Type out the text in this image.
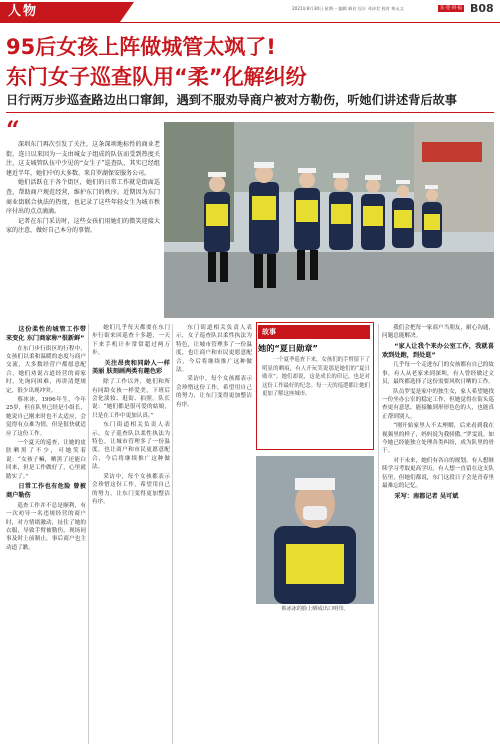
人物	2021年8月30日 星期一 编辑 韩启 设计 邓诗君 校对 黄永文	东·莞·时·报 B08
95后女孩上阵做城管太飒了!
东门女子巡查队用“柔”化解纠纷
日行两万步巡查路边出口窜卸，遇到不服劝导商户被对方勒伤，听她们讲述背后故事
“

深圳东门再次引发了关注，这条深圳地标性的商业老街，连日以来因为一支由城女子组成的队伍而受到热度关注，这支城管队伍中少见的“女生子”巡查队，其实已经组建近半年，她们中的大多数，来自罗湖保安服务公司。

她们活跃在于各个街区，她们的日常工作就是街面巡查，帮助商户规范经营，维护东门的秩序。近期因为东门商业街联合执法的热度，也记录了这些年轻女生为城市秩序付出的点点滴滴。

记者在东门采访时，这些女孩们用她们的微笑迎接大家的注意，做好自己本分的事情。

这份柔性的城管工作带来变化 东门商家称“很新鲜”

在东门步行街区的行程中，女孩们以柔和温暖的态度与商户交流，大多数经营户都愿意配合，她们劝说占道经营的商家时，先询问困难，再讲清楚规定，很少出现冲突。

蔡冰冰，1996年生，今年25岁，但在队里已经是小组长，她说自己刚来时也不太适应，会觉得有点难为情，但是很快就适应了这份工作。

一个夏天的巡查，让她的皮肤晒黑了不少，可她笑着说：“女孩子嘛，晒黑了还能白回来，但是工作做好了，心里就踏实了。”

日常工作也有危险 曾被商户勒伤

巡查工作并不总是顺利，有一次劝导一名违规经营的商户时，对方情绪激动，扯住了她的衣服，导致手臂被勒伤，现场同事及时上前制止，事后商户也主动道了歉。

她们几乎每天都要在东门步行街来回巡查十多趟，一天下来手机计步常常超过两万步。

关注昂贵和同龄人一样美丽 肤刻画两类有趣色彩

除了工作以外，她们和所有同龄女孩一样爱美，下班后会化淡妆、逛街、拍照。队长说：“她们都是很可爱的姑娘，只是在工作中更加认真。”

东门街道相关负责人表示，女子巡查队以柔性执法为特色，让城市管理多了一份温度，也让商户和市民更愿意配合，今后将继续推广这种做法。

采访中，每个女孩都表示会珍惜这份工作，希望用自己的努力，让东门变得更加整洁有序。

东门街道相关负责人表示，女子巡查队以柔性执法为特色，让城市管理多了一份温度，也让商户和市民更愿意配合，今后将继续推广这种做法。

采访中，每个女孩都表示会珍惜这份工作，希望用自己的努力，让东门变得更加整洁有序。

故事
她的“夏日勋章”

一个夏季巡查下来，女孩们的手臂留下了明显的晒痕，有人开玩笑说那是她们的“夏日勋章”。她们却说，这是成长的印记，也是对这份工作最好的纪念。每一天的巡逻都让她们更加了解这座城市。

蔡冰冰的脸上晒成出口明印。

我们会把每一家商户当朋友，耐心沟通，问题总能解决。

“家人让我个来办公室工作，我就喜欢到处跑，到处逛”

几乎每一个走进东门的女孩都有自己的故事。有人从老家来到深圳，有人曾经做过文员，最终都选择了这份需要风吹日晒的工作。

队员罗雯是家中的独生女，家人希望她找一份坐办公室的稳定工作，但她觉得在街头巡查更有意思，能接触到形形色色的人，也能真正帮到别人。

“刚开始家里人不太理解，后来看到我在视频里的样子，妈妈说为我骄傲。”罗雯说。如今她已经能独立处理各类纠纷，成为队里的骨干。

对于未来，她们有各自的规划，有人想继续学习考取更高学历，有人想一直留在这支队伍里，但她们都说，东门这段日子会是青春里最难忘的记忆。

采写：南都记者 吴可斌
